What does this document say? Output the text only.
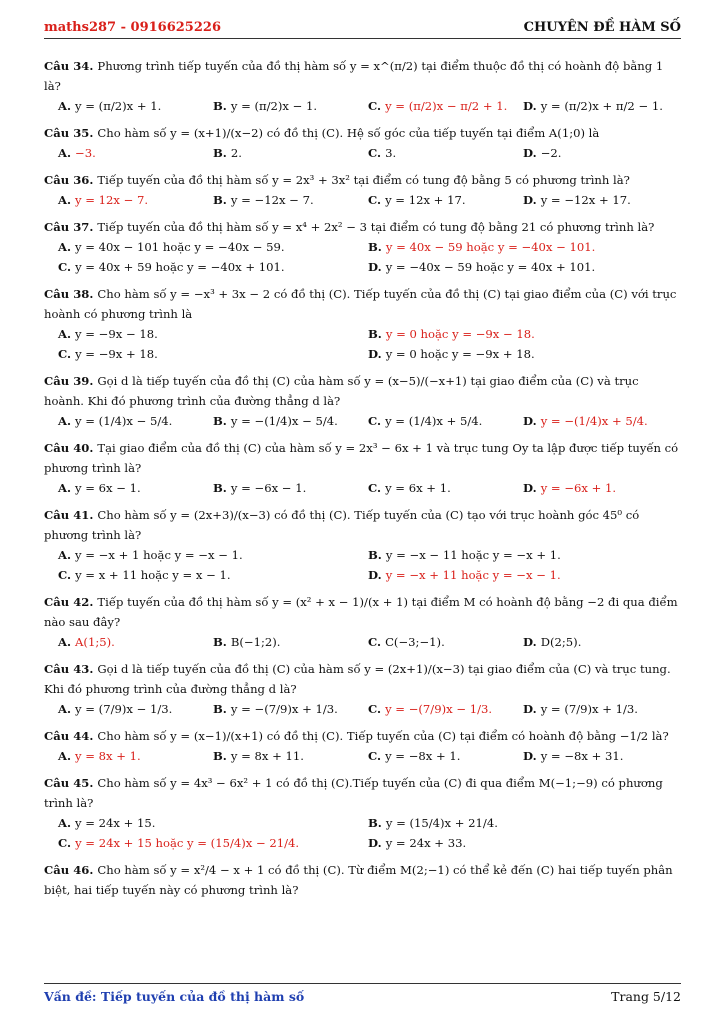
maths287 - 0916625226	CHUYÊN ĐỀ HÀM SỐ
Câu 34. Phương trình tiếp tuyến của đồ thị hàm số y = x^(π/2) tại điểm thuộc đồ thị có hoành độ bằng 1 là?
A. y = (π/2)x + 1.	B. y = (π/2)x − 1.	C. y = (π/2)x − π/2 + 1.	D. y = (π/2)x + π/2 − 1.
Câu 35. Cho hàm số y = (x+1)/(x−2) có đồ thị (C). Hệ số góc của tiếp tuyến tại điểm A(1;0) là
A. −3.	B. 2.	C. 3.	D. −2.
Câu 36. Tiếp tuyến của đồ thị hàm số y = 2x³ + 3x² tại điểm có tung độ bằng 5 có phương trình là?
A. y = 12x − 7.	B. y = −12x − 7.	C. y = 12x + 17.	D. y = −12x + 17.
Câu 37. Tiếp tuyến của đồ thị hàm số y = x⁴ + 2x² − 3 tại điểm có tung độ bằng 21 có phương trình là?
A. y = 40x − 101 hoặc y = −40x − 59.	B. y = 40x − 59 hoặc y = −40x − 101.
C. y = 40x + 59 hoặc y = −40x + 101.	D. y = −40x − 59 hoặc y = 40x + 101.
Câu 38. Cho hàm số y = −x³ + 3x − 2 có đồ thị (C). Tiếp tuyến của đồ thị (C) tại giao điểm của (C) với trục hoành có phương trình là
A. y = −9x − 18.	B. y = 0 hoặc y = −9x − 18.
C. y = −9x + 18.	D. y = 0 hoặc y = −9x + 18.
Câu 39. Gọi d là tiếp tuyến của đồ thị (C) của hàm số y = (x−5)/(−x+1) tại giao điểm của (C) và trục hoành. Khi đó phương trình của đường thẳng d là?
A. y = (1/4)x − 5/4.	B. y = −(1/4)x − 5/4.	C. y = (1/4)x + 5/4.	D. y = −(1/4)x + 5/4.
Câu 40. Tại giao điểm của đồ thị (C) của hàm số y = 2x³ − 6x + 1 và trục tung Oy ta lập được tiếp tuyến có phương trình là?
A. y = 6x − 1.	B. y = −6x − 1.	C. y = 6x + 1.	D. y = −6x + 1.
Câu 41. Cho hàm số y = (2x+3)/(x−3) có đồ thị (C). Tiếp tuyến của (C) tạo với trục hoành góc 45⁰ có phương trình là?
A. y = −x + 1 hoặc y = −x − 1.	B. y = −x − 11 hoặc y = −x + 1.
C. y = x + 11 hoặc y = x − 1.	D. y = −x + 11 hoặc y = −x − 1.
Câu 42. Tiếp tuyến của đồ thị hàm số y = (x² + x − 1)/(x + 1) tại điểm M có hoành độ bằng −2 đi qua điểm nào sau đây?
A. A(1;5).	B. B(−1;2).	C. C(−3;−1).	D. D(2;5).
Câu 43. Gọi d là tiếp tuyến của đồ thị (C) của hàm số y = (2x+1)/(x−3) tại giao điểm của (C) và trục tung. Khi đó phương trình của đường thẳng d là?
A. y = (7/9)x − 1/3.	B. y = −(7/9)x + 1/3.	C. y = −(7/9)x − 1/3.	D. y = (7/9)x + 1/3.
Câu 44. Cho hàm số y = (x−1)/(x+1) có đồ thị (C). Tiếp tuyến của (C) tại điểm có hoành độ bằng −1/2 là?
A. y = 8x + 1.	B. y = 8x + 11.	C. y = −8x + 1.	D. y = −8x + 31.
Câu 45. Cho hàm số y = 4x³ − 6x² + 1 có đồ thị (C).Tiếp tuyến của (C) đi qua điểm M(−1;−9) có phương trình là?
A. y = 24x + 15.	B. y = (15/4)x + 21/4.
C. y = 24x + 15 hoặc y = (15/4)x − 21/4.	D. y = 24x + 33.
Câu 46. Cho hàm số y = x²/4 − x + 1 có đồ thị (C). Từ điểm M(2;−1) có thể kẻ đến (C) hai tiếp tuyến phân biệt, hai tiếp tuyến này có phương trình là?
Vấn đề: Tiếp tuyến của đồ thị hàm số	Trang 5/12
